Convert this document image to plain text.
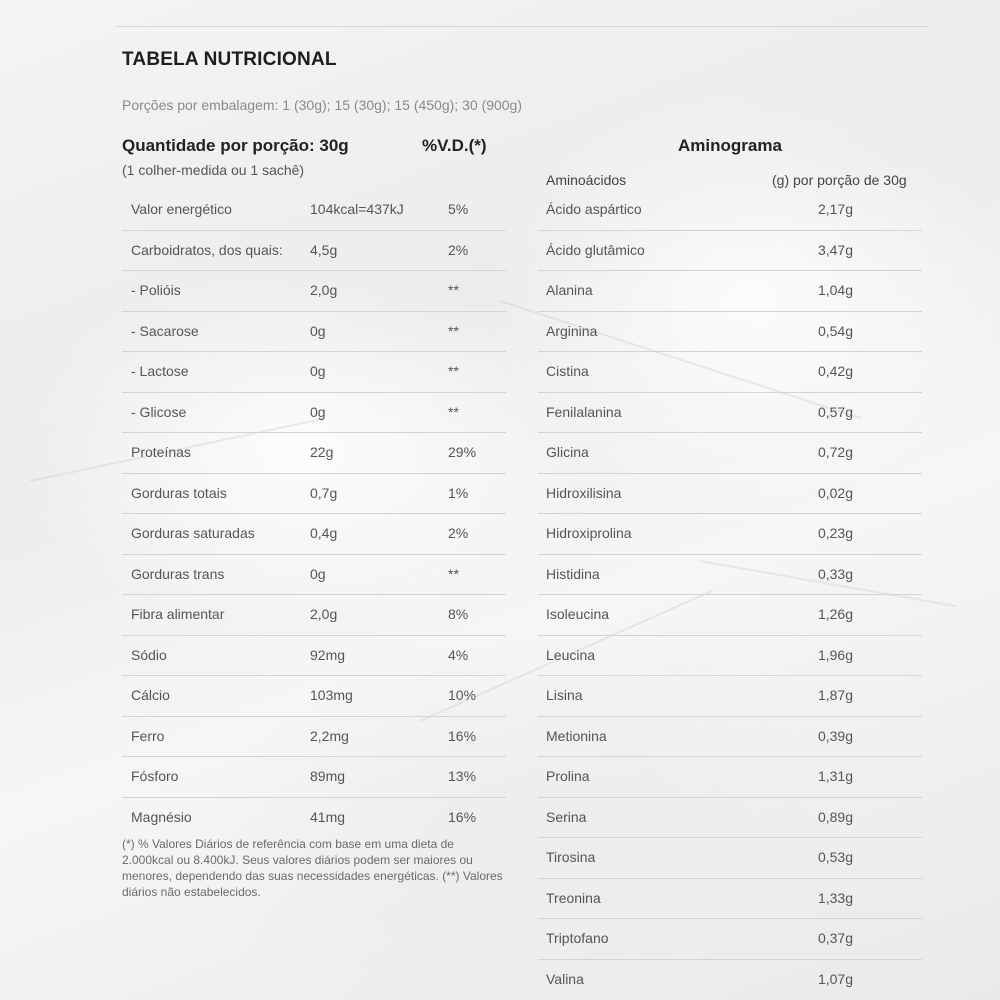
TABELA NUTRICIONAL
Porções por embalagem: 1 (30g); 15 (30g); 15 (450g); 30 (900g)
Quantidade por porção: 30g	%V.D.(*)
(1 colher-medida ou 1 sachê)
Valor energético	104kcal=437kJ	5%
Carboidratos, dos quais: 4,5g	2%
- Polióis	2,0g	**
- Sacarose	0g	**
- Lactose	0g	**
- Glicose	0g	**
Proteínas	22g	29%
Gorduras totais	0,7g	1%
Gorduras saturadas	0,4g	2%
Gorduras trans	0g	**
Fibra alimentar	2,0g	8%
Sódio	92mg	4%
Cálcio	103mg	10%
Ferro	2,2mg	16%
Fósforo	89mg	13%
Magnésio	41mg	16%
(*) % Valores Diários de referência com base em uma dieta de 2.000kcal ou 8.400kJ. Seus valores diários podem ser maiores ou menores, dependendo das suas necessidades energéticas. (**) Valores diários não estabelecidos.
Aminograma
Aminoácidos	(g) por porção de 30g
Ácido aspártico	2,17g
Ácido glutâmico	3,47g
Alanina	1,04g
Arginina	0,54g
Cistina	0,42g
Fenilalanina	0,57g
Glicina	0,72g
Hidroxilisina	0,02g
Hidroxiprolina	0,23g
Histidina	0,33g
Isoleucina	1,26g
Leucina	1,96g
Lisina	1,87g
Metionina	0,39g
Prolina	1,31g
Serina	0,89g
Tirosina	0,53g
Treonina	1,33g
Triptofano	0,37g
Valina	1,07g
